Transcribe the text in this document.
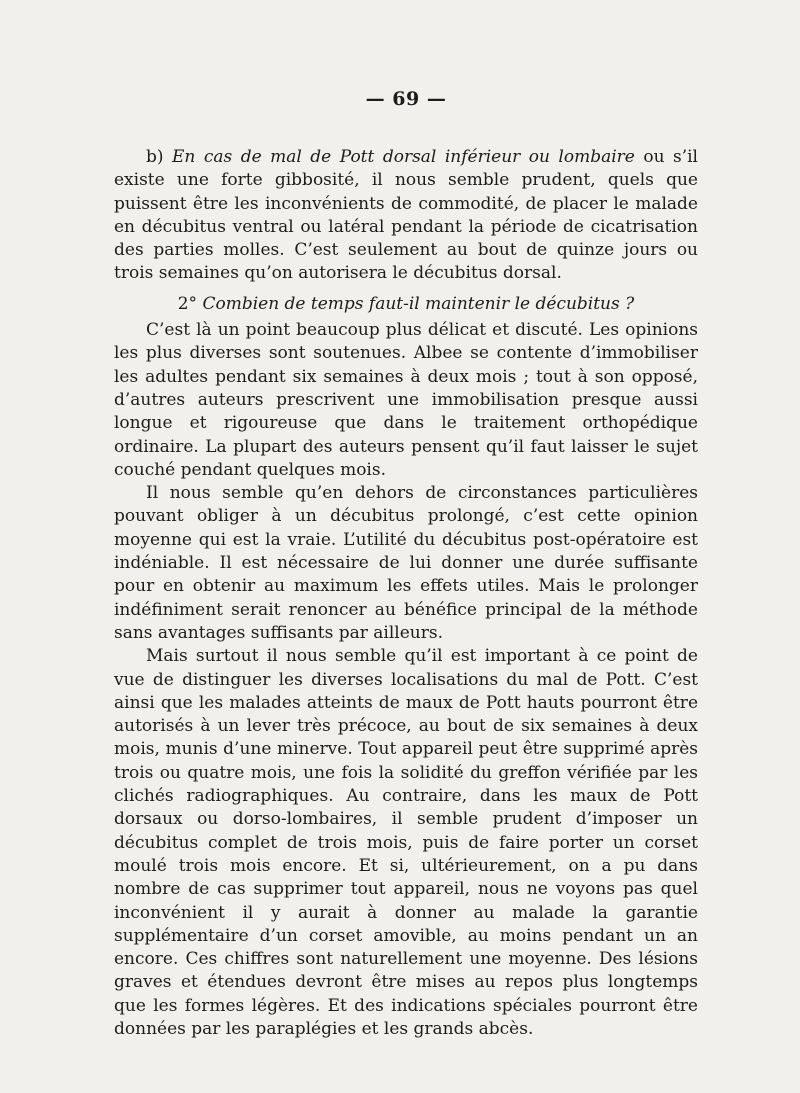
— 69 —

b) En cas de mal de Pott dorsal inférieur ou lombaire ou s’il existe une forte gibbosité, il nous semble prudent, quels que puissent être les inconvénients de commodité, de placer le malade en décubitus ventral ou latéral pendant la période de cicatrisation des parties molles. C’est seulement au bout de quinze jours ou trois semaines qu’on autorisera le décubitus dorsal.

2° Combien de temps faut-il maintenir le décubitus ?

C’est là un point beaucoup plus délicat et discuté. Les opinions les plus diverses sont soutenues. Albee se contente d’immobiliser les adultes pendant six semaines à deux mois ; tout à son opposé, d’autres auteurs prescrivent une immobilisation presque aussi longue et rigoureuse que dans le traitement orthopédique ordinaire. La plupart des auteurs pensent qu’il faut laisser le sujet couché pendant quelques mois.

Il nous semble qu’en dehors de circonstances particulières pouvant obliger à un décubitus prolongé, c’est cette opinion moyenne qui est la vraie. L’utilité du décubitus post-opératoire est indéniable. Il est nécessaire de lui donner une durée suffisante pour en obtenir au maximum les effets utiles. Mais le prolonger indéfiniment serait renoncer au bénéfice principal de la méthode sans avantages suffisants par ailleurs.

Mais surtout il nous semble qu’il est important à ce point de vue de distinguer les diverses localisations du mal de Pott. C’est ainsi que les malades atteints de maux de Pott hauts pourront être autorisés à un lever très précoce, au bout de six semaines à deux mois, munis d’une minerve. Tout appareil peut être supprimé après trois ou quatre mois, une fois la solidité du greffon vérifiée par les clichés radiographiques. Au contraire, dans les maux de Pott dorsaux ou dorso-lombaires, il semble prudent d’imposer un décubitus complet de trois mois, puis de faire porter un corset moulé trois mois encore. Et si, ultérieurement, on a pu dans nombre de cas supprimer tout appareil, nous ne voyons pas quel inconvénient il y aurait à donner au malade la garantie supplémentaire d’un corset amovible, au moins pendant un an encore. Ces chiffres sont naturellement une moyenne. Des lésions graves et étendues devront être mises au repos plus longtemps que les formes légères. Et des indications spéciales pourront être données par les paraplégies et les grands abcès.
